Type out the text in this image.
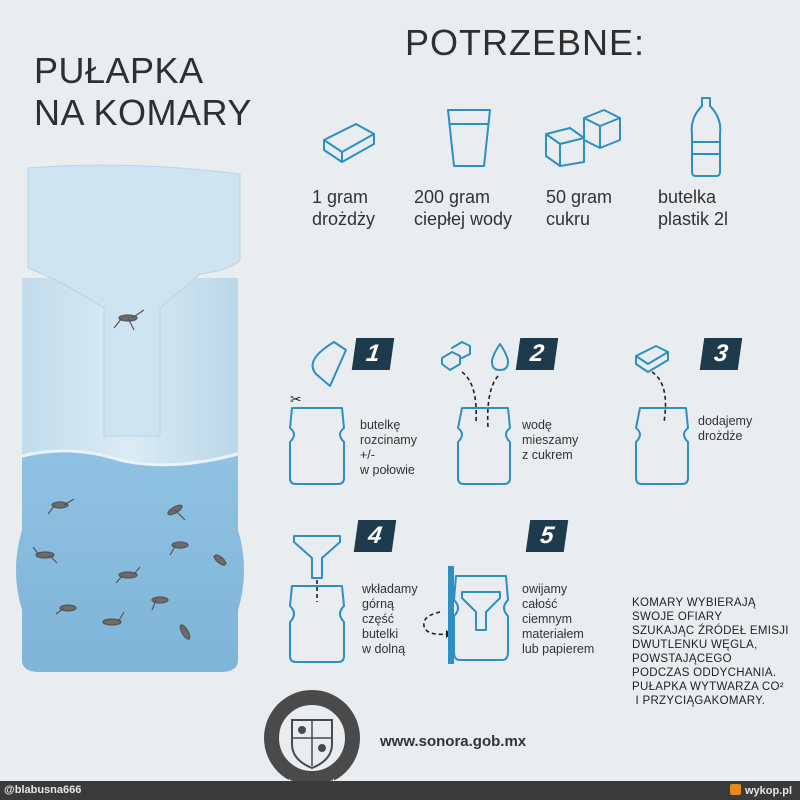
PUŁAPKA
NA KOMARY
POTRZEBNE:
1 gram
drożdży
200 gram
ciepłej wody
50 gram
cukru
butelka
plastik 2l
1
✂
butelkę
rozcinamy
+/-
w połowie
2
wodę
mieszamy
z cukrem
3
dodajemy
drożdże
4
wkładamy
górną
część
butelki
w dolną
5
owijamy
całość
ciemnym
materiałem
lub papierem
KOMARY WYBIERAJĄ
SWOJE OFIARY
SZUKAJĄC ŹRÓDEŁ EMISJI
DWUTLENKU WĘGLA,
POWSTAJĄCEGO
PODCZAS ODDYCHANIA.
PUŁAPKA WYTWARZA CO²
I PRZYCIĄGAKOMARY.
www.sonora.gob.mx
@blabusna666	wykop.pl
